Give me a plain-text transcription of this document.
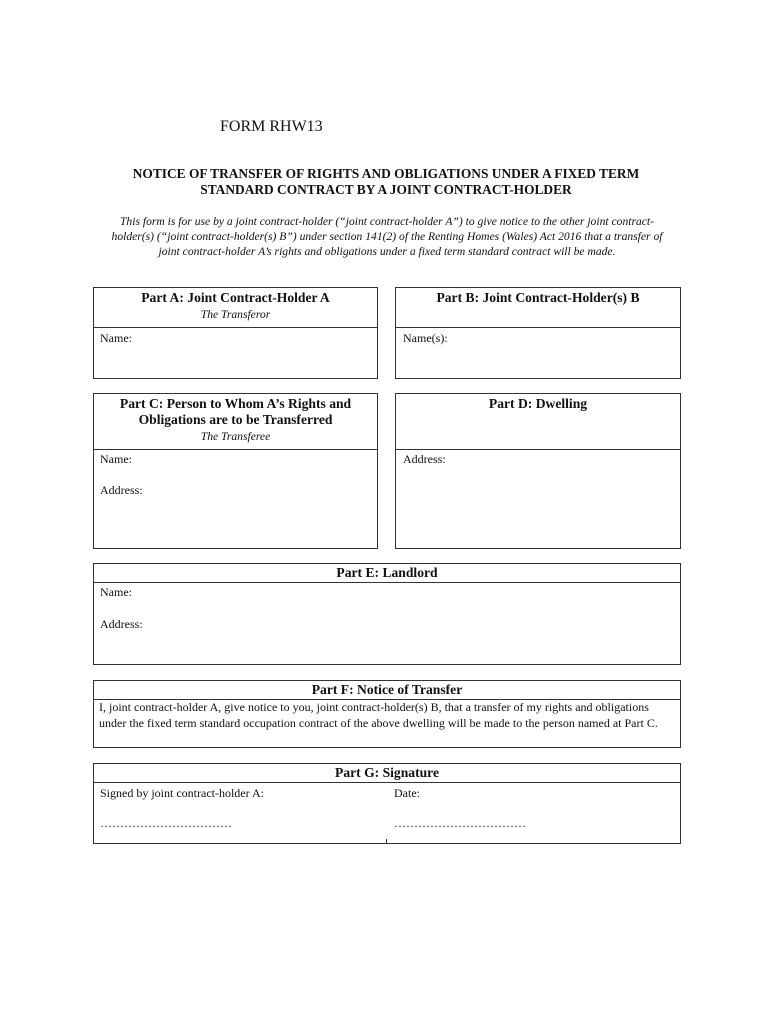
FORM RHW13
NOTICE OF TRANSFER OF RIGHTS AND OBLIGATIONS UNDER A FIXED TERM STANDARD CONTRACT BY A JOINT CONTRACT-HOLDER
This form is for use by a joint contract-holder (“joint contract-holder A”) to give notice to the other joint contract-holder(s) (“joint contract-holder(s) B”) under section 141(2) of the Renting Homes (Wales) Act 2016 that a transfer of joint contract-holder A’s rights and obligations under a fixed term standard contract will be made.
Part A: Joint Contract-Holder A
The Transferor
Name:
Part B: Joint Contract-Holder(s) B
Name(s):
Part C: Person to Whom A’s Rights and Obligations are to be Transferred
The Transferee
Name:
Address:
Part D: Dwelling
Address:
Part E: Landlord
Name:
Address:
Part F: Notice of Transfer
I, joint contract-holder A, give notice to you, joint contract-holder(s) B, that a transfer of my rights and obligations under the fixed term standard occupation contract of the above dwelling will be made to the person named at Part C.
Part G: Signature
Signed by joint contract-holder A:	Date:
……………………………	……………………………
